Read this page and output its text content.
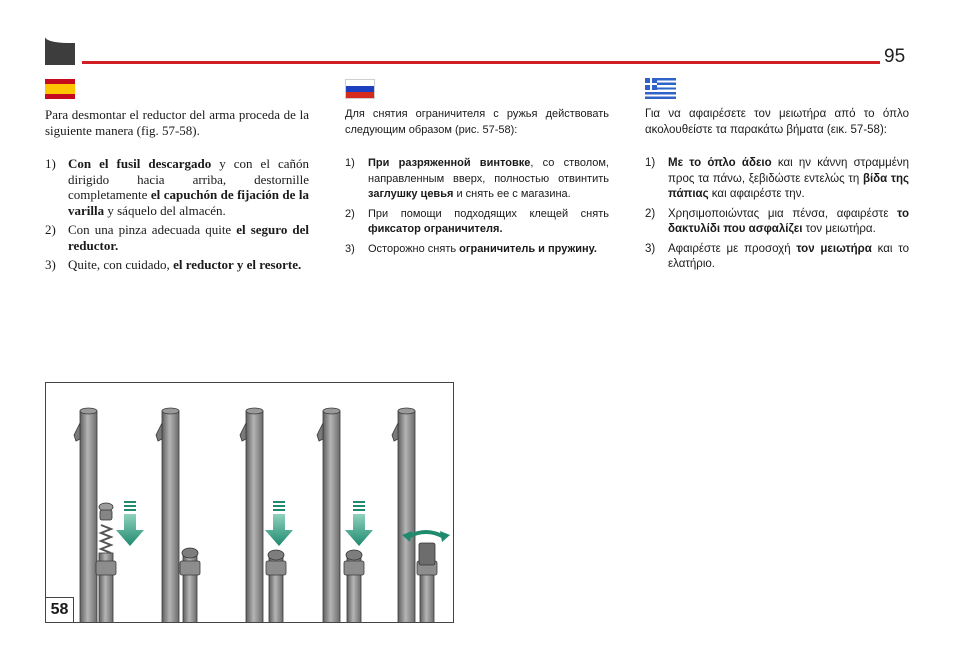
95

Para desmontar el reductor del arma proceda de la siguiente manera (fig. 57-58).

1) Con el fusil descargado y con el cañón dirigido hacia arriba, destornille completamente el capuchón de fijación de la varilla y sáquelo del almacén.

2) Con una pinza adecuada quite el seguro del reductor.

3) Quite, con cuidado, el reductor y el resorte.

Для снятия ограничителя с ружья действовать следующим образом (рис. 57-58):

1) При разряженной винтовке, со стволом, направленным вверх, полностью отвинтить заглушку цевья и снять ее с магазина.

2) При помощи подходящих клещей снять фиксатор ограничителя.

3) Осторожно снять ограничитель и пружину.

Για να αφαιρέσετε τον μειωτήρα από το όπλο ακολουθείστε τα παρακάτω βήματα (εικ. 57-58):

1) Με το όπλο άδειο και ην κάννη στραμμένη προς τα πάνω, ξεβιδώστε εντελώς τη βίδα της πάπιας και αφαιρέστε την.

2) Χρησιμοποιώντας μια πένσα, αφαιρέστε το δακτυλίδι που ασφαλίζει τον μειωτήρα.

3) Αφαιρέστε με προσοχή τον μειωτήρα και το ελατήριο.

58
